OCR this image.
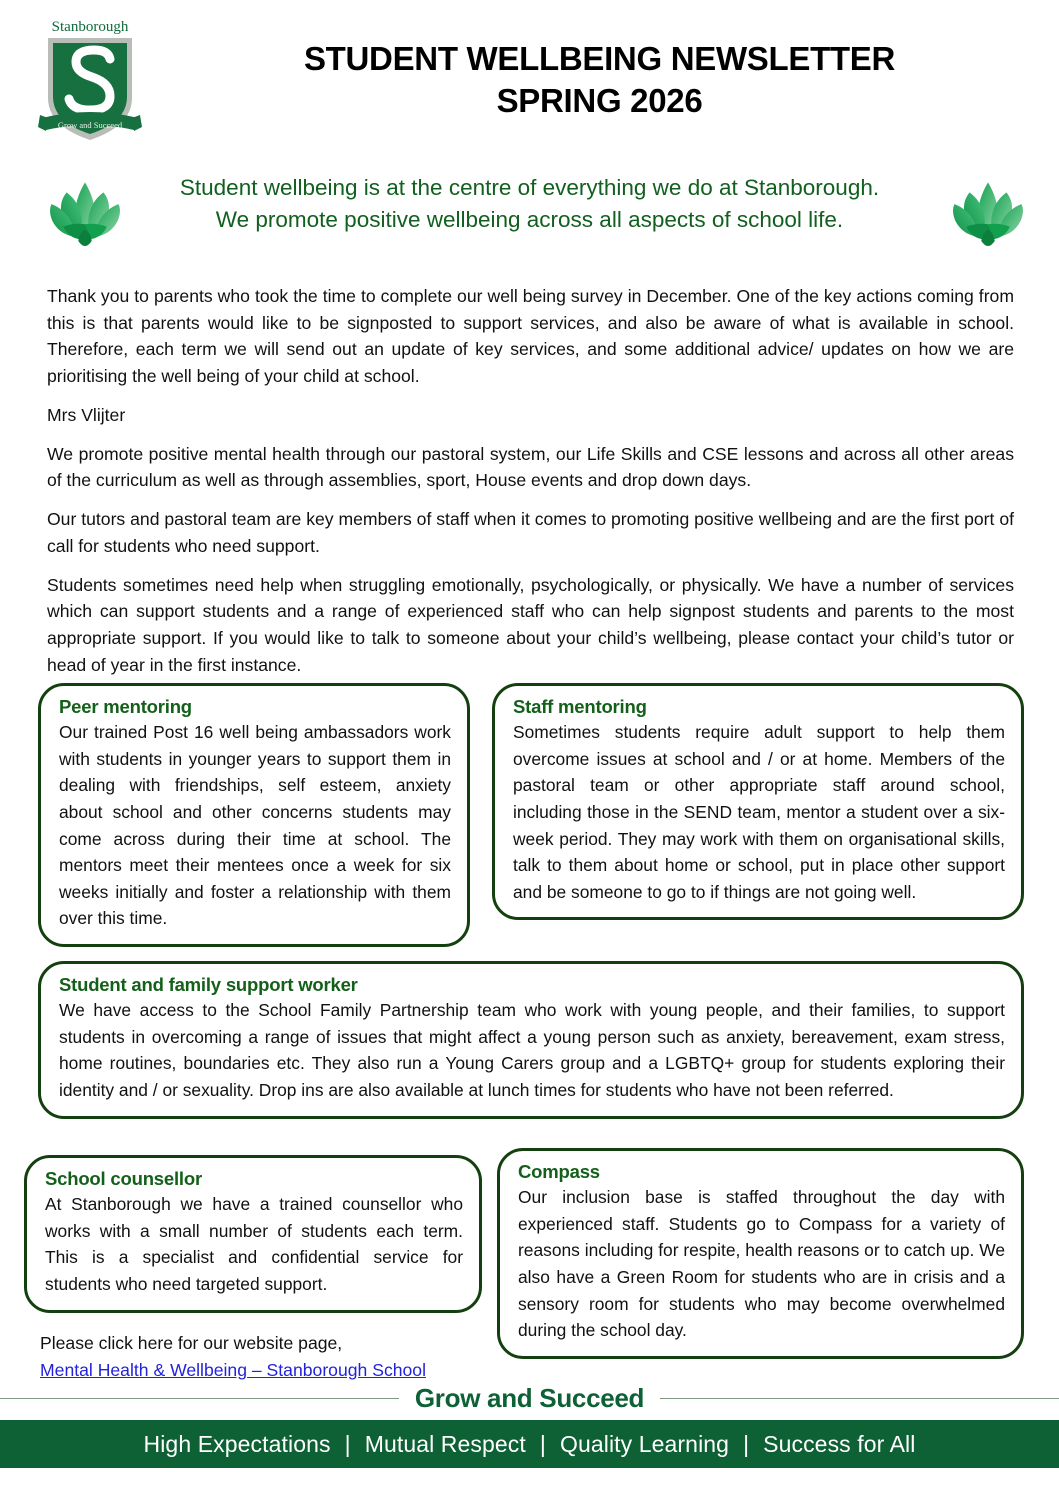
Stanborough
Grow and Succeed
STUDENT WELLBEING NEWSLETTER
SPRING 2026
Student wellbeing is at the centre of everything we do at Stanborough.
We promote positive wellbeing across all aspects of school life.

Thank you to parents who took the time to complete our well being survey in December. One of the key actions coming from this is that parents would like to be signposted to support services, and also be aware of what is available in school. Therefore, each term we will send out an update of key services, and some additional advice/ updates on how we are prioritising the well being of your child at school.

Mrs Vlijter

We promote positive mental health through our pastoral system, our Life Skills and CSE lessons and across all other areas of the curriculum as well as through assemblies, sport, House events and drop down days.

Our tutors and pastoral team are key members of staff when it comes to promoting positive wellbeing and are the first port of call for students who need support.

Students sometimes need help when struggling emotionally, psychologically, or physically. We have a number of services which can support students and a range of experienced staff who can help signpost students and parents to the most appropriate support. If you would like to talk to someone about your child’s wellbeing, please contact your child’s tutor or head of year in the first instance.

Peer mentoring

Our trained Post 16 well being ambassadors work with students in younger years to support them in dealing with friendships, self esteem, anxiety about school and other concerns students may come across during their time at school. The mentors meet their mentees once a week for six weeks initially and foster a relationship with them over this time.

Staff mentoring

Sometimes students require adult support to help them overcome issues at school and / or at home. Members of the pastoral team or other appropriate staff around school, including those in the SEND team, mentor a student over a six-week period. They may work with them on organisational skills, talk to them about home or school, put in place other support and be someone to go to if things are not going well.

Student and family support worker

We have access to the School Family Partnership team who work with young people, and their families, to support students in overcoming a range of issues that might affect a young person such as anxiety, bereavement, exam stress, home routines, boundaries etc. They also run a Young Carers group and a LGBTQ+ group for students exploring their identity and / or sexuality. Drop ins are also available at lunch times for students who have not been referred.

School counsellor

At Stanborough we have a trained counsellor who works with a small number of students each term. This is a specialist and confidential service for students who need targeted support.

Compass

Our inclusion base is staffed throughout the day with experienced staff. Students go to Compass for a variety of reasons including for respite, health reasons or to catch up. We also have a Green Room for students who are in crisis and a sensory room for students who may become overwhelmed during the school day.

Please click here for our website page,
Mental Health & Wellbeing – Stanborough School
Grow and Succeed
High Expectations | Mutual Respect | Quality Learning | Success for All
